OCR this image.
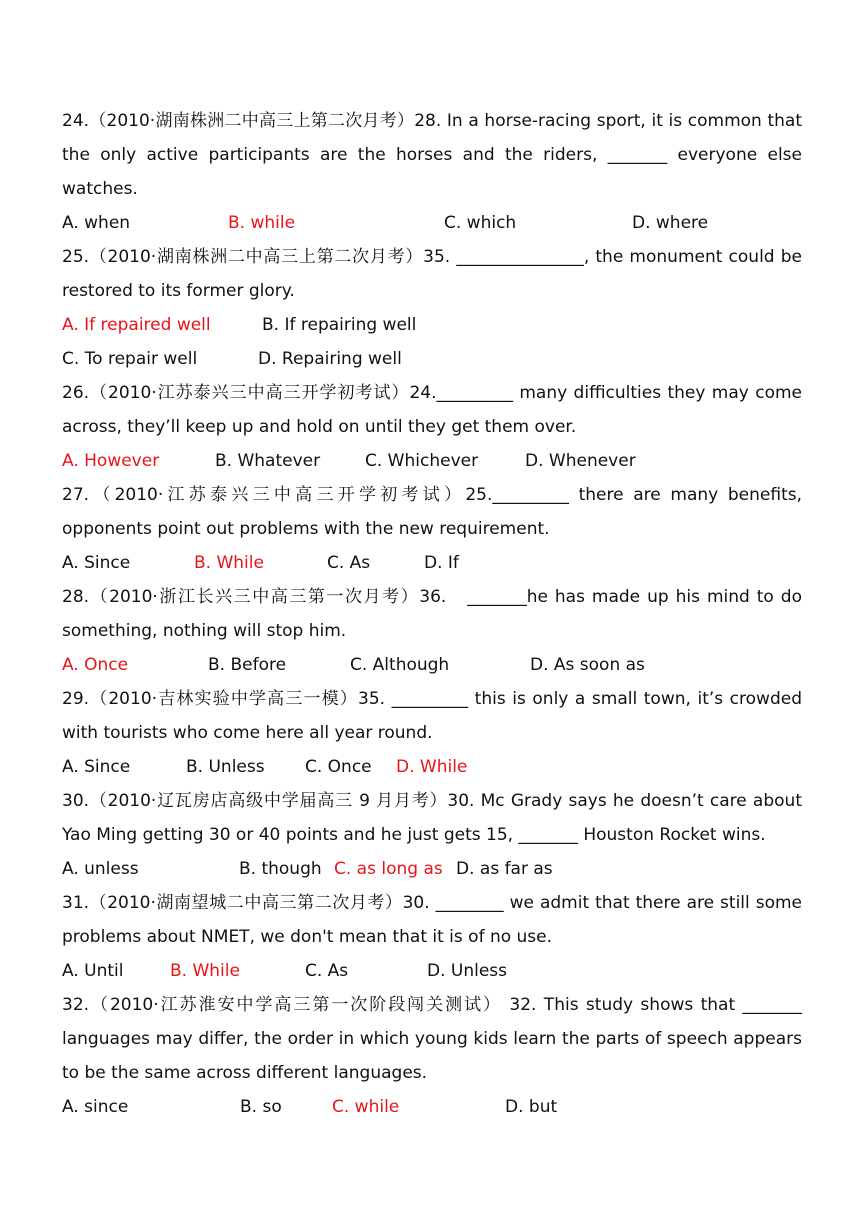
24.（2010·湖南株洲二中高三上第二次月考）28. In a horse-racing sport, it is common that the only active participants are the horses and the riders, _______ everyone else watches.

A. when	B. while	C. which	D. where

25.（2010·湖南株洲二中高三上第二次月考）35. _______________, the monument could be restored to its former glory.

A. If repaired well	B. If repairing well
C. To repair well	D. Repairing well

26.（2010·江苏泰兴三中高三开学初考试）24._________ many difficulties they may come across, they’ll keep up and hold on until they get them over.

A. However	B. Whatever	C. Whichever	D. Whenever

27.（2010·江苏泰兴三中高三开学初考试）25._________ there are many benefits, opponents point out problems with the new requirement.

A. Since	B. While	C. As	D. If

28.（2010·浙江长兴三中高三第一次月考）36.   _______he has made up his mind to do something, nothing will stop him.

A. Once	B. Before	C. Although	D. As soon as

29.（2010·吉林实验中学高三一模）35. _________ this is only a small town, it’s crowded with tourists who come here all year round.

A. Since	B. Unless	C. Once	D. While

30.（2010·辽瓦房店高级中学届高三 9 月月考）30. Mc Grady says he doesn’t care about Yao Ming getting 30 or 40 points and he just gets 15, _______ Houston Rocket wins.

A. unless	B. though C. as long as D. as far as

31.（2010·湖南望城二中高三第二次月考）30. ________ we admit that there are still some problems about NMET, we don't mean that it is of no use.

A. Until	B. While	C. As	D. Unless

32.（2010·江苏淮安中学高三第一次阶段闯关测试） 32. This study shows that _______ languages may differ, the order in which young kids learn the parts of speech appears to be the same across different languages.

A. since	B. so	C. while	D. but
